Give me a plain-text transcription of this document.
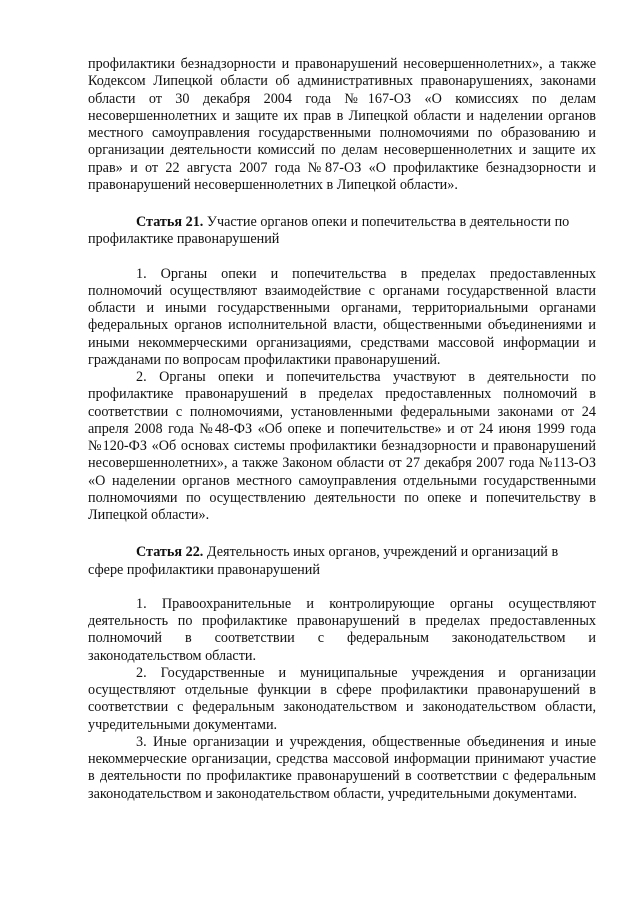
профилактики безнадзорности и правонарушений несовершеннолетних», а также Кодексом Липецкой области об административных правонарушениях, законами области от 30 декабря 2004 года №167-ОЗ «О комиссиях по делам несовершеннолетних и защите их прав в Липецкой области и наделении органов местного самоуправления государственными полномочиями по образованию и организации деятельности комиссий по делам несовершеннолетних и защите их прав» и от 22 августа 2007 года №87-ОЗ «О профилактике безнадзорности и правонарушений несовершеннолетних в Липецкой области».

Статья 21. Участие органов опеки и попечительства в деятельности по профилактике правонарушений

1. Органы опеки и попечительства в пределах предоставленных полномочий осуществляют взаимодействие с органами государственной власти области и иными государственными органами, территориальными органами федеральных органов исполнительной власти, общественными объединениями и иными некоммерческими организациями, средствами массовой информации и гражданами по вопросам профилактики правонарушений.

2. Органы опеки и попечительства участвуют в деятельности по профилактике правонарушений в пределах предоставленных полномочий в соответствии с полномочиями, установленными федеральными законами от 24 апреля 2008 года №48-ФЗ «Об опеке и попечительстве» и от 24 июня 1999 года №120-ФЗ «Об основах системы профилактики безнадзорности и правонарушений несовершеннолетних», а также Законом области от 27 декабря 2007 года №113-ОЗ «О наделении органов местного самоуправления отдельными государственными полномочиями по осуществлению деятельности по опеке и попечительству в Липецкой области».

Статья 22. Деятельность иных органов, учреждений и организаций в сфере профилактики правонарушений

1. Правоохранительные и контролирующие органы осуществляют деятельность по профилактике правонарушений в пределах предоставленных полномочий в соответствии с федеральным законодательством и законодательством области.

2. Государственные и муниципальные учреждения и организации осуществляют отдельные функции в сфере профилактики правонарушений в соответствии с федеральным законодательством и законодательством области, учредительными документами.

3. Иные организации и учреждения, общественные объединения и иные некоммерческие организации, средства массовой информации принимают участие в деятельности по профилактике правонарушений в соответствии с федеральным законодательством и законодательством области, учредительными документами.
